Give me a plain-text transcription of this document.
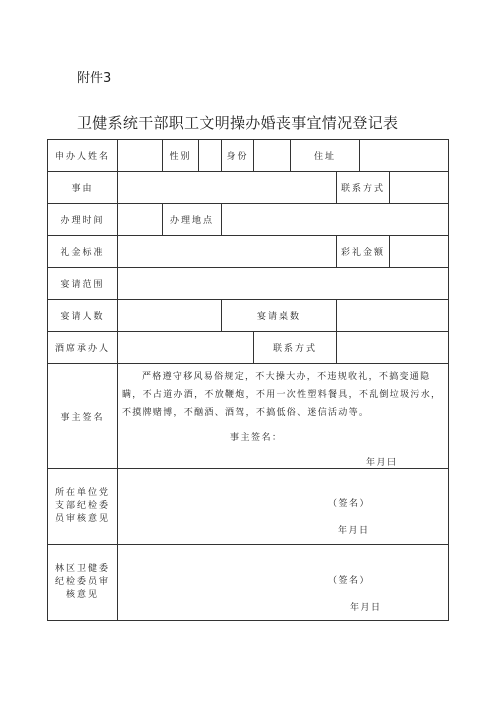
附件3
卫健系统干部职工文明操办婚丧事宜情况登记表
申办人姓名		性别		身份		住址			
事由							联系方式		
办理时间		办理地点							
礼金标准							彩礼金额		
宴请范围									
宴请人数				宴请桌数					
酒席承办人					联系方式				
事主签名	严格遵守移风易俗规定，不大操大办，不违规收礼，不搞变通隐瞒，不占道办酒，不放鞭炮，不用一次性塑料餐具，不乱倒垃圾污水，不摸牌赌博，不酗酒、酒驾，不搞低俗、迷信活动等。
事主签名：
年月曰								

所在单位党支部纪检委员审核意见	（签名）
年月日								

林区卫健委纪检委员审核意见	（签名）
年月日								
